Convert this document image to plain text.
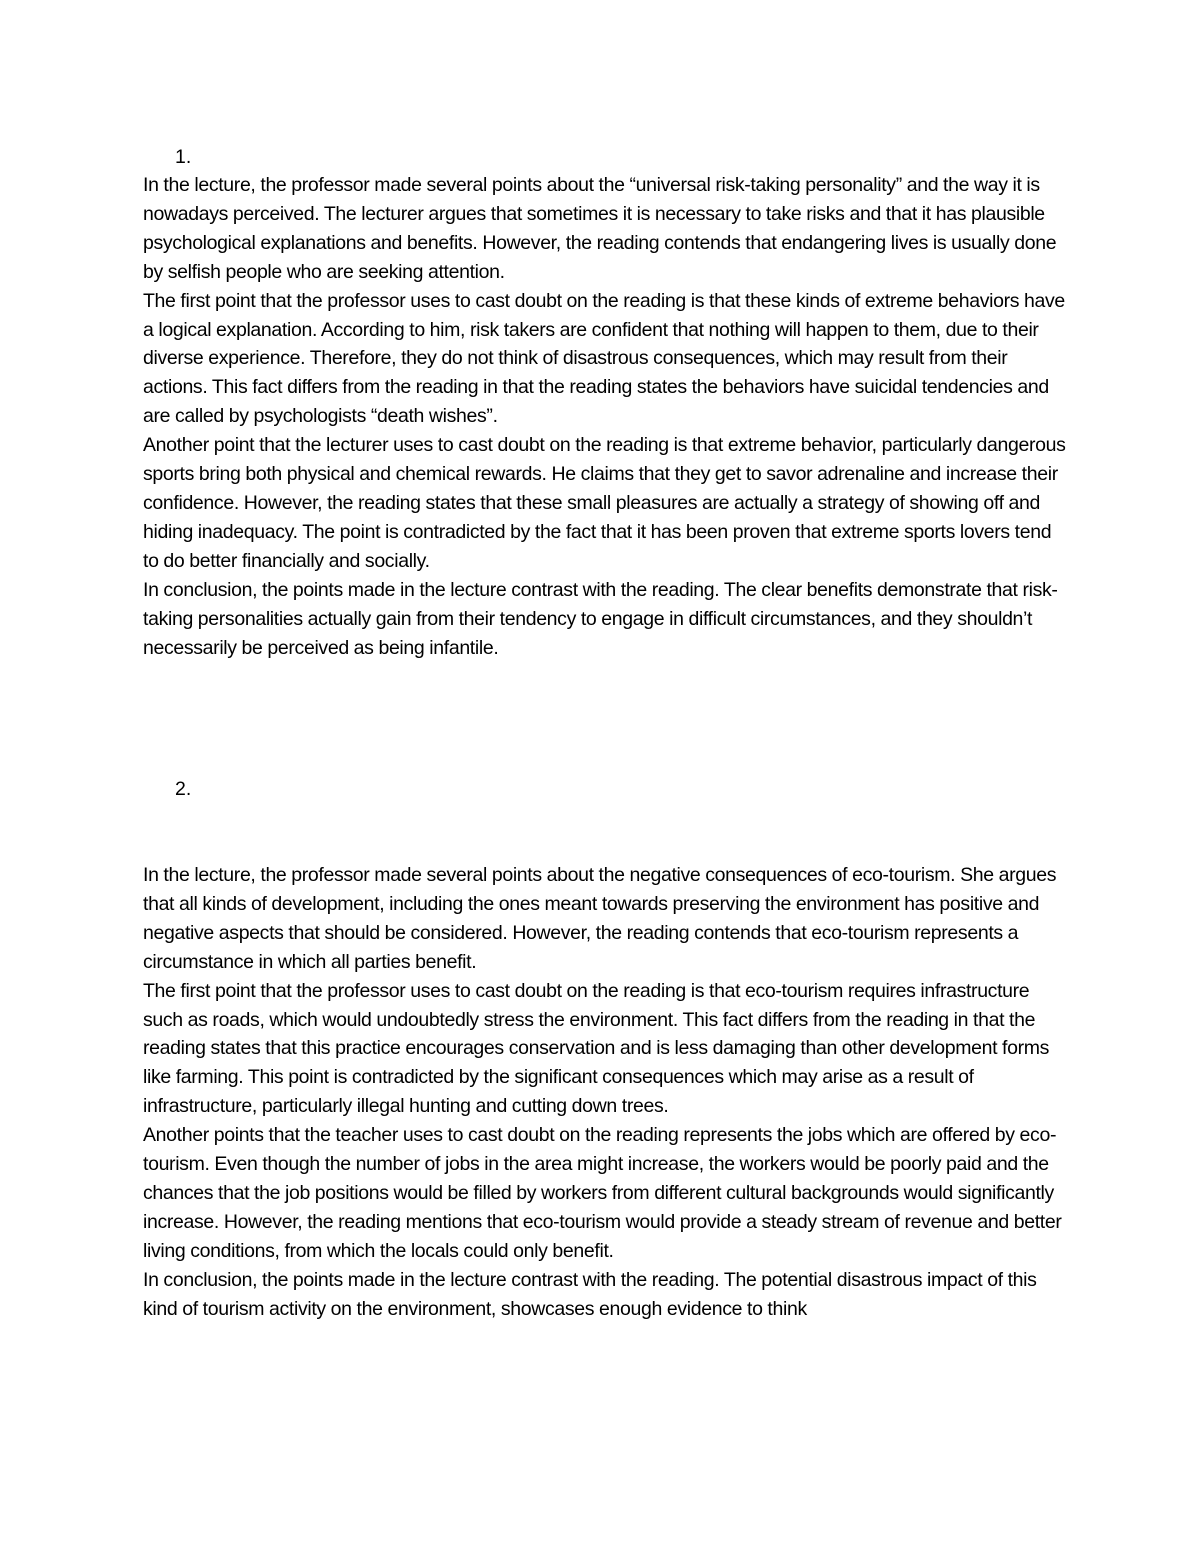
1.

In the lecture, the professor made several points about the “universal risk-taking personality” and the way it is nowadays perceived. The lecturer argues that sometimes it is necessary to take risks and that it has plausible psychological explanations and benefits. However, the reading contends that endangering lives is usually done by selfish people who are seeking attention.

The first point that the professor uses to cast doubt on the reading is that these kinds of extreme behaviors have a logical explanation. According to him, risk takers are confident that nothing will happen to them, due to their diverse experience. Therefore, they do not think of disastrous consequences, which may result from their actions. This fact differs from the reading in that the reading states the behaviors have suicidal tendencies and are called by psychologists “death wishes”.

Another point that the lecturer uses to cast doubt on the reading is that extreme behavior, particularly dangerous sports bring both physical and chemical rewards. He claims that they get to savor adrenaline and increase their confidence. However, the reading states that these small pleasures are actually a strategy of showing off and hiding inadequacy. The point is contradicted by the fact that it has been proven that extreme sports lovers tend to do better financially and socially.

In conclusion, the points made in the lecture contrast with the reading. The clear benefits demonstrate that risk-taking personalities actually gain from their tendency to engage in difficult circumstances, and they shouldn’t necessarily be perceived as being infantile.

2.

In the lecture, the professor made several points about the negative consequences of eco-tourism. She argues that all kinds of development, including the ones meant towards preserving the environment has positive and negative aspects that should be considered. However, the reading contends that eco-tourism represents a circumstance in which all parties benefit.

The first point that the professor uses to cast doubt on the reading is that eco-tourism requires infrastructure such as roads, which would undoubtedly stress the environment. This fact differs from the reading in that the reading states that this practice encourages conservation and is less damaging than other development forms like farming. This point is contradicted by the significant consequences which may arise as a result of infrastructure, particularly illegal hunting and cutting down trees.

Another points that the teacher uses to cast doubt on the reading represents the jobs which are offered by eco-tourism. Even though the number of jobs in the area might increase, the workers would be poorly paid and the chances that the job positions would be filled by workers from different cultural backgrounds would significantly increase. However, the reading mentions that eco-tourism would provide a steady stream of revenue and better living conditions, from which the locals could only benefit.

In conclusion, the points made in the lecture contrast with the reading. The potential disastrous impact of this kind of tourism activity on the environment, showcases enough evidence to think
